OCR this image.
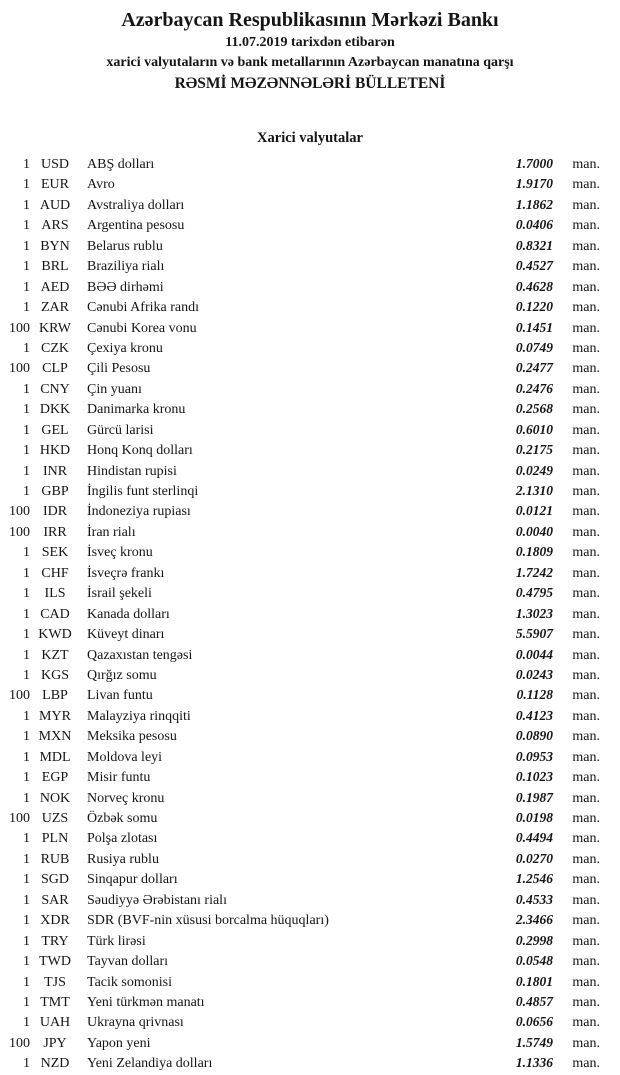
Azərbaycan Respublikasının Mərkəzi Bankı
11.07.2019 tarixdən etibarən
xarici valyutaların və bank metallarının Azərbaycan manatına qarşı
RƏSMİ MƏZƏNNƏLƏRİ BÜLLETENİ
Xarici valyutalar
1 USD	ABŞ dolları	1.7000	man.
1 EUR	Avro	1.9170	man.
1 AUD	Avstraliya dolları	1.1862	man.
1 ARS	Argentina pesosu	0.0406	man.
1 BYN	Belarus rublu	0.8321	man.
1 BRL	Braziliya rialı	0.4527	man.
1 AED	BƏƏ dirhəmi	0.4628	man.
1 ZAR	Cənubi Afrika randı	0.1220	man.
100 KRW	Cənubi Korea vonu	0.1451	man.
1 CZK	Çexiya kronu	0.0749	man.
100 CLP	Çili Pesosu	0.2477	man.
1 CNY	Çin yuanı	0.2476	man.
1 DKK	Danimarka kronu	0.2568	man.
1 GEL	Gürcü larisi	0.6010	man.
1 HKD	Honq Konq dolları	0.2175	man.
1 INR	Hindistan rupisi	0.0249	man.
1 GBP	İngilis funt sterlinqi	2.1310	man.
100 IDR	İndoneziya rupiası	0.0121	man.
100 IRR	İran rialı	0.0040	man.
1 SEK	İsveç kronu	0.1809	man.
1 CHF	İsveçrə frankı	1.7242	man.
1	ILS	İsrail şekeli	0.4795	man.
1 CAD	Kanada dolları	1.3023	man.
1 KWD	Küveyt dinarı	5.5907	man.
1 KZT	Qazaxıstan tengəsi	0.0044	man.
1 KGS	Qırğız somu	0.0243	man.
100 LBP	Livan funtu	0.1128	man.
1 MYR	Malayziya rinqqiti	0.4123	man.
1 MXN	Meksika pesosu	0.0890	man.
1 MDL	Moldova leyi	0.0953	man.
1 EGP	Misir funtu	0.1023	man.
1 NOK	Norveç kronu	0.1987	man.
100 UZS	Özbək somu	0.0198	man.
1 PLN	Polşa zlotası	0.4494	man.
1 RUB	Rusiya rublu	0.0270	man.
1 SGD	Sinqapur dolları	1.2546	man.
1 SAR	Səudiyyə Ərəbistanı rialı	0.4533	man.
1 XDR	SDR (BVF-nin xüsusi borcalma hüquqları)	2.3466	man.
1 TRY	Türk lirəsi	0.2998	man.
1 TWD	Tayvan dolları	0.0548	man.
1	TJS	Tacik somonisi	0.1801	man.
1 TMT	Yeni türkmən manatı	0.4857	man.
1 UAH	Ukrayna qrivnası	0.0656	man.
100 JPY	Yapon yeni	1.5749	man.
1 NZD	Yeni Zelandiya dolları	1.1336	man.
